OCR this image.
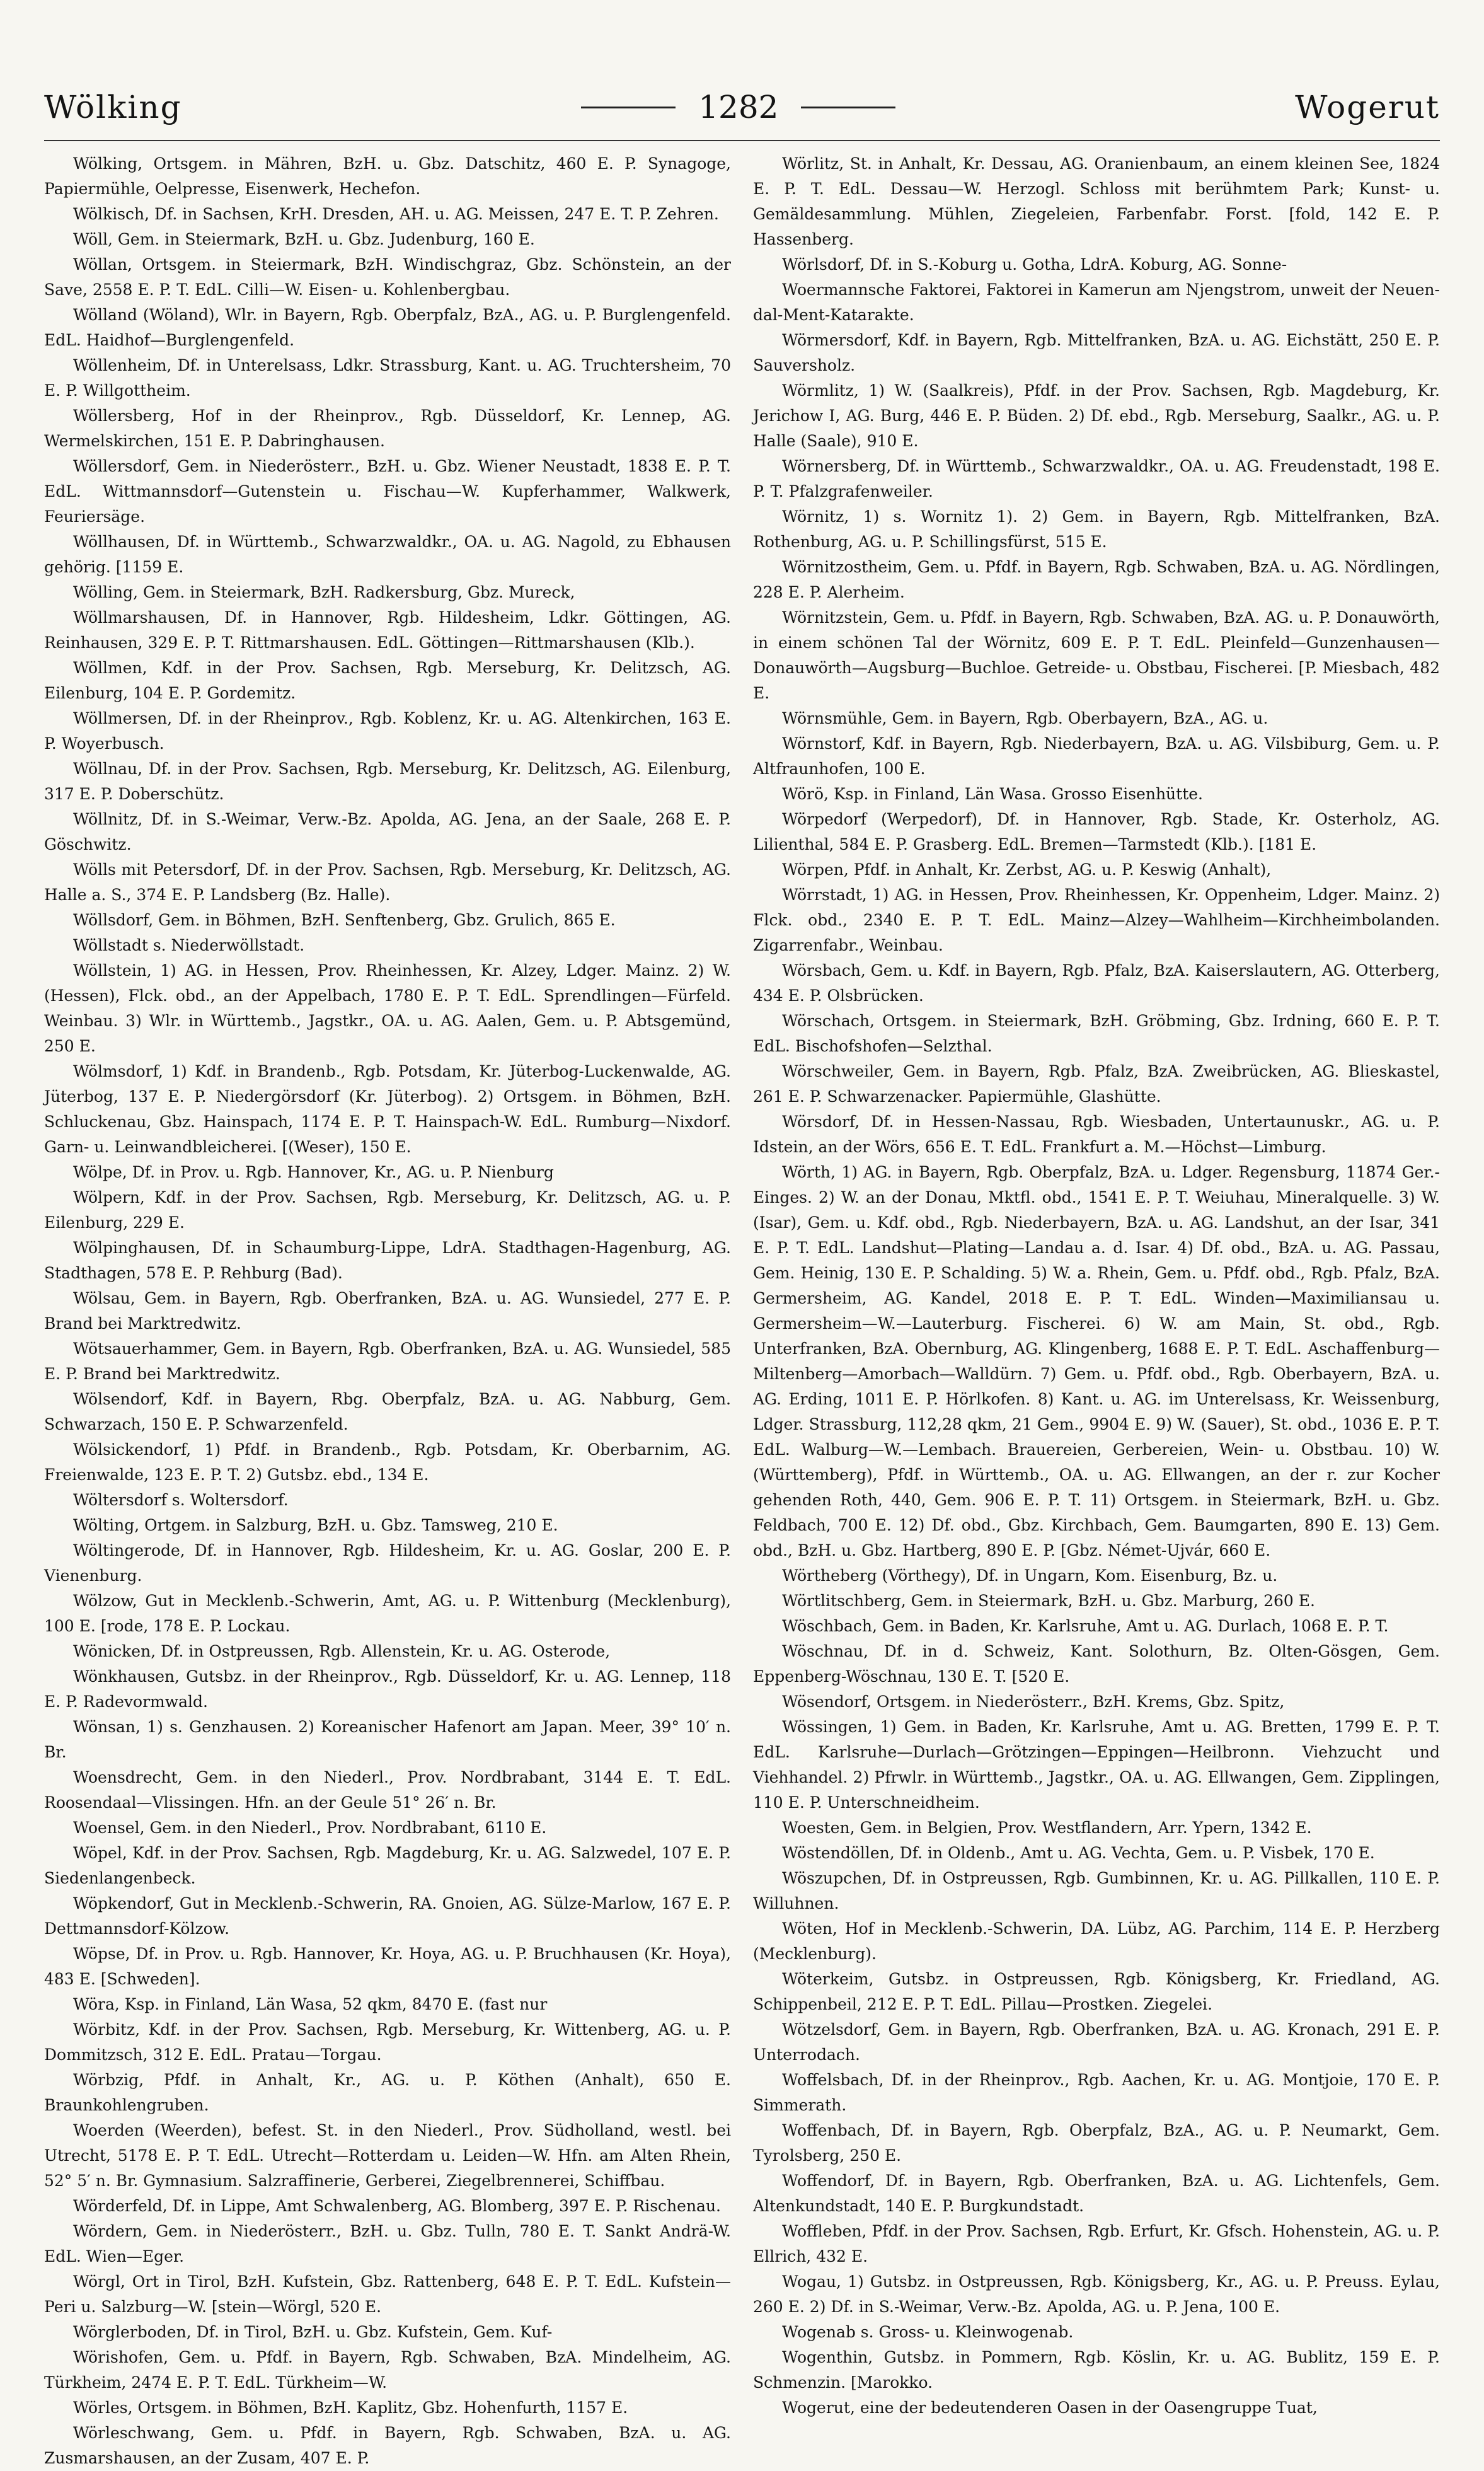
Wölking	1282	Wogerut

Wölking, Ortsgem. in Mähren, BzH. u. Gbz. Datschitz, 460 E. P. Synagoge, Papiermühle, Oelpresse, Eisenwerk, Hechefon.

Wölkisch, Df. in Sachsen, KrH. Dresden, AH. u. AG. Meissen, 247 E. T. P. Zehren.

Wöll, Gem. in Steiermark, BzH. u. Gbz. Judenburg, 160 E.

Wöllan, Ortsgem. in Steiermark, BzH. Windischgraz, Gbz. Schönstein, an der Save, 2558 E. P. T. EdL. Cilli—W. Eisen- u. Kohlenbergbau.

Wölland (Wöland), Wlr. in Bayern, Rgb. Oberpfalz, BzA., AG. u. P. Burglengenfeld. EdL. Haidhof—Burglengenfeld.

Wöllenheim, Df. in Unterelsass, Ldkr. Strassburg, Kant. u. AG. Truchtersheim, 70 E. P. Willgottheim.

Wöllersberg, Hof in der Rheinprov., Rgb. Düsseldorf, Kr. Lennep, AG. Wermelskirchen, 151 E. P. Dabringhausen.

Wöllersdorf, Gem. in Niederösterr., BzH. u. Gbz. Wiener Neustadt, 1838 E. P. T. EdL. Wittmannsdorf—Gutenstein u. Fischau—W. Kupferhammer, Walkwerk, Feuriersäge.

Wöllhausen, Df. in Württemb., Schwarzwaldkr., OA. u. AG. Nagold, zu Ebhausen gehörig. [1159 E.

Wölling, Gem. in Steiermark, BzH. Radkersburg, Gbz. Mureck,

Wöllmarshausen, Df. in Hannover, Rgb. Hildesheim, Ldkr. Göttingen, AG. Reinhausen, 329 E. P. T. Rittmarshausen. EdL. Göttingen—Rittmarshausen (Klb.).

Wöllmen, Kdf. in der Prov. Sachsen, Rgb. Merseburg, Kr. Delitzsch, AG. Eilenburg, 104 E. P. Gordemitz.

Wöllmersen, Df. in der Rheinprov., Rgb. Koblenz, Kr. u. AG. Altenkirchen, 163 E. P. Woyerbusch.

Wöllnau, Df. in der Prov. Sachsen, Rgb. Merseburg, Kr. Delitzsch, AG. Eilenburg, 317 E. P. Doberschütz.

Wöllnitz, Df. in S.-Weimar, Verw.-Bz. Apolda, AG. Jena, an der Saale, 268 E. P. Göschwitz.

Wölls mit Petersdorf, Df. in der Prov. Sachsen, Rgb. Merseburg, Kr. Delitzsch, AG. Halle a. S., 374 E. P. Landsberg (Bz. Halle).

Wöllsdorf, Gem. in Böhmen, BzH. Senftenberg, Gbz. Grulich, 865 E.

Wöllstadt s. Niederwöllstadt.

Wöllstein, 1) AG. in Hessen, Prov. Rheinhessen, Kr. Alzey, Ldger. Mainz. 2) W. (Hessen), Flck. obd., an der Appelbach, 1780 E. P. T. EdL. Sprendlingen—Fürfeld. Weinbau. 3) Wlr. in Württemb., Jagstkr., OA. u. AG. Aalen, Gem. u. P. Abtsgemünd, 250 E.

Wölmsdorf, 1) Kdf. in Brandenb., Rgb. Potsdam, Kr. Jüterbog-Luckenwalde, AG. Jüterbog, 137 E. P. Niedergörsdorf (Kr. Jüterbog). 2) Ortsgem. in Böhmen, BzH. Schluckenau, Gbz. Hainspach, 1174 E. P. T. Hainspach-W. EdL. Rumburg—Nixdorf. Garn- u. Leinwandbleicherei. [(Weser), 150 E.

Wölpe, Df. in Prov. u. Rgb. Hannover, Kr., AG. u. P. Nienburg

Wölpern, Kdf. in der Prov. Sachsen, Rgb. Merseburg, Kr. Delitzsch, AG. u. P. Eilenburg, 229 E.

Wölpinghausen, Df. in Schaumburg-Lippe, LdrA. Stadthagen-Hagenburg, AG. Stadthagen, 578 E. P. Rehburg (Bad).

Wölsau, Gem. in Bayern, Rgb. Oberfranken, BzA. u. AG. Wunsiedel, 277 E. P. Brand bei Marktredwitz.

Wötsauerhammer, Gem. in Bayern, Rgb. Oberfranken, BzA. u. AG. Wunsiedel, 585 E. P. Brand bei Marktredwitz.

Wölsendorf, Kdf. in Bayern, Rbg. Oberpfalz, BzA. u. AG. Nabburg, Gem. Schwarzach, 150 E. P. Schwarzenfeld.

Wölsickendorf, 1) Pfdf. in Brandenb., Rgb. Potsdam, Kr. Oberbarnim, AG. Freienwalde, 123 E. P. T. 2) Gutsbz. ebd., 134 E.

Wöltersdorf s. Woltersdorf.

Wölting, Ortgem. in Salzburg, BzH. u. Gbz. Tamsweg, 210 E.

Wöltingerode, Df. in Hannover, Rgb. Hildesheim, Kr. u. AG. Goslar, 200 E. P. Vienenburg.

Wölzow, Gut in Mecklenb.-Schwerin, Amt, AG. u. P. Wittenburg (Mecklenburg), 100 E. [rode, 178 E. P. Lockau.

Wönicken, Df. in Ostpreussen, Rgb. Allenstein, Kr. u. AG. Osterode,

Wönkhausen, Gutsbz. in der Rheinprov., Rgb. Düsseldorf, Kr. u. AG. Lennep, 118 E. P. Radevormwald.

Wönsan, 1) s. Genzhausen. 2) Koreanischer Hafenort am Japan. Meer, 39° 10′ n. Br.

Woensdrecht, Gem. in den Niederl., Prov. Nordbrabant, 3144 E. T. EdL. Roosendaal—Vlissingen. Hfn. an der Geule 51° 26′ n. Br.

Woensel, Gem. in den Niederl., Prov. Nordbrabant, 6110 E.

Wöpel, Kdf. in der Prov. Sachsen, Rgb. Magdeburg, Kr. u. AG. Salzwedel, 107 E. P. Siedenlangenbeck.

Wöpkendorf, Gut in Mecklenb.-Schwerin, RA. Gnoien, AG. Sülze-Marlow, 167 E. P. Dettmannsdorf-Kölzow.

Wöpse, Df. in Prov. u. Rgb. Hannover, Kr. Hoya, AG. u. P. Bruchhausen (Kr. Hoya), 483 E. [Schweden].

Wöra, Ksp. in Finland, Län Wasa, 52 qkm, 8470 E. (fast nur

Wörbitz, Kdf. in der Prov. Sachsen, Rgb. Merseburg, Kr. Wittenberg, AG. u. P. Dommitzsch, 312 E. EdL. Pratau—Torgau.

Wörbzig, Pfdf. in Anhalt, Kr., AG. u. P. Köthen (Anhalt), 650 E. Braunkohlengruben.

Woerden (Weerden), befest. St. in den Niederl., Prov. Südholland, westl. bei Utrecht, 5178 E. P. T. EdL. Utrecht—Rotterdam u. Leiden—W. Hfn. am Alten Rhein, 52° 5′ n. Br. Gymnasium. Salzraffinerie, Gerberei, Ziegelbrennerei, Schiffbau.

Wörderfeld, Df. in Lippe, Amt Schwalenberg, AG. Blomberg, 397 E. P. Rischenau.

Wördern, Gem. in Niederösterr., BzH. u. Gbz. Tulln, 780 E. T. Sankt Andrä-W. EdL. Wien—Eger.

Wörgl, Ort in Tirol, BzH. Kufstein, Gbz. Rattenberg, 648 E. P. T. EdL. Kufstein—Peri u. Salzburg—W. [stein—Wörgl, 520 E.

Wörglerboden, Df. in Tirol, BzH. u. Gbz. Kufstein, Gem. Kuf-

Wörishofen, Gem. u. Pfdf. in Bayern, Rgb. Schwaben, BzA. Mindelheim, AG. Türkheim, 2474 E. P. T. EdL. Türkheim—W.

Wörles, Ortsgem. in Böhmen, BzH. Kaplitz, Gbz. Hohenfurth, 1157 E.

Wörleschwang, Gem. u. Pfdf. in Bayern, Rgb. Schwaben, BzA. u. AG. Zusmarshausen, an der Zusam, 407 E. P.

Wörlitz, St. in Anhalt, Kr. Dessau, AG. Oranienbaum, an einem kleinen See, 1824 E. P. T. EdL. Dessau—W. Herzogl. Schloss mit berühmtem Park; Kunst- u. Gemäldesammlung. Mühlen, Ziegeleien, Farbenfabr. Forst. [fold, 142 E. P. Hassenberg.

Wörlsdorf, Df. in S.-Koburg u. Gotha, LdrA. Koburg, AG. Sonne-

Woermannsche Faktorei, Faktorei in Kamerun am Njengstrom, unweit der Neuen-dal-Ment-Katarakte.

Wörmersdorf, Kdf. in Bayern, Rgb. Mittelfranken, BzA. u. AG. Eichstätt, 250 E. P. Sauversholz.

Wörmlitz, 1) W. (Saalkreis), Pfdf. in der Prov. Sachsen, Rgb. Magdeburg, Kr. Jerichow I, AG. Burg, 446 E. P. Büden. 2) Df. ebd., Rgb. Merseburg, Saalkr., AG. u. P. Halle (Saale), 910 E.

Wörnersberg, Df. in Württemb., Schwarzwaldkr., OA. u. AG. Freudenstadt, 198 E. P. T. Pfalzgrafenweiler.

Wörnitz, 1) s. Wornitz 1). 2) Gem. in Bayern, Rgb. Mittelfranken, BzA. Rothenburg, AG. u. P. Schillingsfürst, 515 E.

Wörnitzostheim, Gem. u. Pfdf. in Bayern, Rgb. Schwaben, BzA. u. AG. Nördlingen, 228 E. P. Alerheim.

Wörnitzstein, Gem. u. Pfdf. in Bayern, Rgb. Schwaben, BzA. AG. u. P. Donauwörth, in einem schönen Tal der Wörnitz, 609 E. P. T. EdL. Pleinfeld—Gunzenhausen—Donauwörth—Augsburg—Buchloe. Getreide- u. Obstbau, Fischerei. [P. Miesbach, 482 E.

Wörnsmühle, Gem. in Bayern, Rgb. Oberbayern, BzA., AG. u.

Wörnstorf, Kdf. in Bayern, Rgb. Niederbayern, BzA. u. AG. Vilsbiburg, Gem. u. P. Altfraunhofen, 100 E.

Wörö, Ksp. in Finland, Län Wasa. Grosso Eisenhütte.

Wörpedorf (Werpedorf), Df. in Hannover, Rgb. Stade, Kr. Osterholz, AG. Lilienthal, 584 E. P. Grasberg. EdL. Bremen—Tarmstedt (Klb.). [181 E.

Wörpen, Pfdf. in Anhalt, Kr. Zerbst, AG. u. P. Keswig (Anhalt),

Wörrstadt, 1) AG. in Hessen, Prov. Rheinhessen, Kr. Oppenheim, Ldger. Mainz. 2) Flck. obd., 2340 E. P. T. EdL. Mainz—Alzey—Wahlheim—Kirchheimbolanden. Zigarrenfabr., Weinbau.

Wörsbach, Gem. u. Kdf. in Bayern, Rgb. Pfalz, BzA. Kaiserslautern, AG. Otterberg, 434 E. P. Olsbrücken.

Wörschach, Ortsgem. in Steiermark, BzH. Gröbming, Gbz. Irdning, 660 E. P. T. EdL. Bischofshofen—Selzthal.

Wörschweiler, Gem. in Bayern, Rgb. Pfalz, BzA. Zweibrücken, AG. Blieskastel, 261 E. P. Schwarzenacker. Papiermühle, Glashütte.

Wörsdorf, Df. in Hessen-Nassau, Rgb. Wiesbaden, Untertaunuskr., AG. u. P. Idstein, an der Wörs, 656 E. T. EdL. Frankfurt a. M.—Höchst—Limburg.

Wörth, 1) AG. in Bayern, Rgb. Oberpfalz, BzA. u. Ldger. Regensburg, 11874 Ger.-Einges. 2) W. an der Donau, Mktfl. obd., 1541 E. P. T. Weiuhau, Mineralquelle. 3) W. (Isar), Gem. u. Kdf. obd., Rgb. Niederbayern, BzA. u. AG. Landshut, an der Isar, 341 E. P. T. EdL. Landshut—Plating—Landau a. d. Isar. 4) Df. obd., BzA. u. AG. Passau, Gem. Heinig, 130 E. P. Schalding. 5) W. a. Rhein, Gem. u. Pfdf. obd., Rgb. Pfalz, BzA. Germersheim, AG. Kandel, 2018 E. P. T. EdL. Winden—Maximiliansau u. Germersheim—W.—Lauterburg. Fischerei. 6) W. am Main, St. obd., Rgb. Unterfranken, BzA. Obernburg, AG. Klingenberg, 1688 E. P. T. EdL. Aschaffenburg—Miltenberg—Amorbach—Walldürn. 7) Gem. u. Pfdf. obd., Rgb. Oberbayern, BzA. u. AG. Erding, 1011 E. P. Hörlkofen. 8) Kant. u. AG. im Unterelsass, Kr. Weissenburg, Ldger. Strassburg, 112,28 qkm, 21 Gem., 9904 E. 9) W. (Sauer), St. obd., 1036 E. P. T. EdL. Walburg—W.—Lembach. Brauereien, Gerbereien, Wein- u. Obstbau. 10) W. (Württemberg), Pfdf. in Württemb., OA. u. AG. Ellwangen, an der r. zur Kocher gehenden Roth, 440, Gem. 906 E. P. T. 11) Ortsgem. in Steiermark, BzH. u. Gbz. Feldbach, 700 E. 12) Df. obd., Gbz. Kirchbach, Gem. Baumgarten, 890 E. 13) Gem. obd., BzH. u. Gbz. Hartberg, 890 E. P. [Gbz. Német-Ujvár, 660 E.

Wörtheberg (Vörthegy), Df. in Ungarn, Kom. Eisenburg, Bz. u.

Wörtlitschberg, Gem. in Steiermark, BzH. u. Gbz. Marburg, 260 E.

Wöschbach, Gem. in Baden, Kr. Karlsruhe, Amt u. AG. Durlach, 1068 E. P. T.

Wöschnau, Df. in d. Schweiz, Kant. Solothurn, Bz. Olten-Gösgen, Gem. Eppenberg-Wöschnau, 130 E. T. [520 E.

Wösendorf, Ortsgem. in Niederösterr., BzH. Krems, Gbz. Spitz,

Wössingen, 1) Gem. in Baden, Kr. Karlsruhe, Amt u. AG. Bretten, 1799 E. P. T. EdL. Karlsruhe—Durlach—Grötzingen—Eppingen—Heilbronn. Viehzucht und Viehhandel. 2) Pfrwlr. in Württemb., Jagstkr., OA. u. AG. Ellwangen, Gem. Zipplingen, 110 E. P. Unterschneidheim.

Woesten, Gem. in Belgien, Prov. Westflandern, Arr. Ypern, 1342 E.

Wöstendöllen, Df. in Oldenb., Amt u. AG. Vechta, Gem. u. P. Visbek, 170 E.

Wöszupchen, Df. in Ostpreussen, Rgb. Gumbinnen, Kr. u. AG. Pillkallen, 110 E. P. Willuhnen.

Wöten, Hof in Mecklenb.-Schwerin, DA. Lübz, AG. Parchim, 114 E. P. Herzberg (Mecklenburg).

Wöterkeim, Gutsbz. in Ostpreussen, Rgb. Königsberg, Kr. Friedland, AG. Schippenbeil, 212 E. P. T. EdL. Pillau—Prostken. Ziegelei.

Wötzelsdorf, Gem. in Bayern, Rgb. Oberfranken, BzA. u. AG. Kronach, 291 E. P. Unterrodach.

Woffelsbach, Df. in der Rheinprov., Rgb. Aachen, Kr. u. AG. Montjoie, 170 E. P. Simmerath.

Woffenbach, Df. in Bayern, Rgb. Oberpfalz, BzA., AG. u. P. Neumarkt, Gem. Tyrolsberg, 250 E.

Woffendorf, Df. in Bayern, Rgb. Oberfranken, BzA. u. AG. Lichtenfels, Gem. Altenkundstadt, 140 E. P. Burgkundstadt.

Woffleben, Pfdf. in der Prov. Sachsen, Rgb. Erfurt, Kr. Gfsch. Hohenstein, AG. u. P. Ellrich, 432 E.

Wogau, 1) Gutsbz. in Ostpreussen, Rgb. Königsberg, Kr., AG. u. P. Preuss. Eylau, 260 E. 2) Df. in S.-Weimar, Verw.-Bz. Apolda, AG. u. P. Jena, 100 E.

Wogenab s. Gross- u. Kleinwogenab.

Wogenthin, Gutsbz. in Pommern, Rgb. Köslin, Kr. u. AG. Bublitz, 159 E. P. Schmenzin. [Marokko.

Wogerut, eine der bedeutenderen Oasen in der Oasengruppe Tuat,
